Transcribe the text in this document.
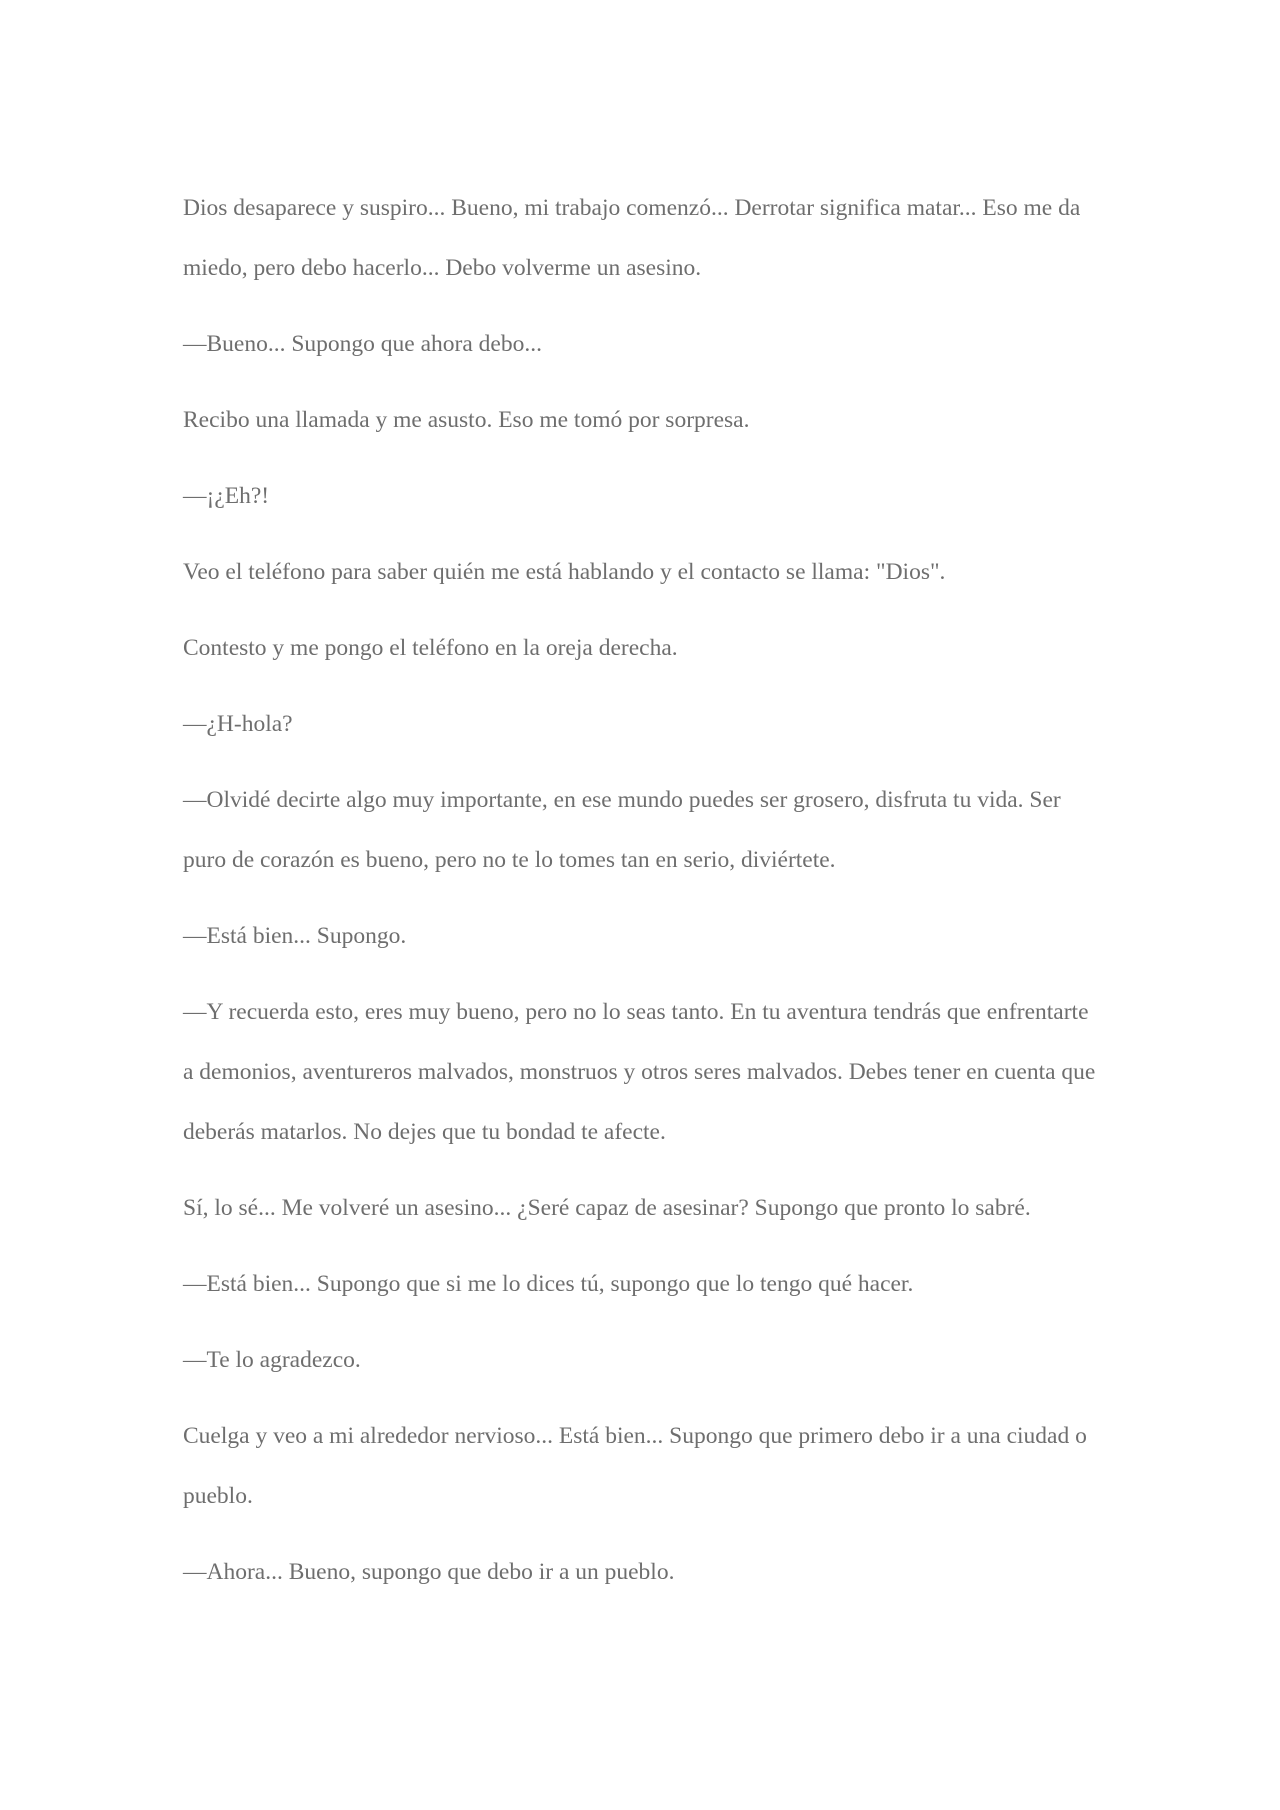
Dios desaparece y suspiro... Bueno, mi trabajo comenzó... Derrotar significa matar... Eso me da miedo, pero debo hacerlo... Debo volverme un asesino.

—Bueno... Supongo que ahora debo...

Recibo una llamada y me asusto. Eso me tomó por sorpresa.

—¡¿Eh?!

Veo el teléfono para saber quién me está hablando y el contacto se llama: "Dios".

Contesto y me pongo el teléfono en la oreja derecha.

—¿H-hola?

—Olvidé decirte algo muy importante, en ese mundo puedes ser grosero, disfruta tu vida. Ser puro de corazón es bueno, pero no te lo tomes tan en serio, diviértete.

—Está bien... Supongo.

—Y recuerda esto, eres muy bueno, pero no lo seas tanto. En tu aventura tendrás que enfrentarte a demonios, aventureros malvados, monstruos y otros seres malvados. Debes tener en cuenta que deberás matarlos. No dejes que tu bondad te afecte.

Sí, lo sé... Me volveré un asesino... ¿Seré capaz de asesinar? Supongo que pronto lo sabré.

—Está bien... Supongo que si me lo dices tú, supongo que lo tengo qué hacer.

—Te lo agradezco.

Cuelga y veo a mi alrededor nervioso... Está bien... Supongo que primero debo ir a una ciudad o pueblo.

—Ahora... Bueno, supongo que debo ir a un pueblo.
